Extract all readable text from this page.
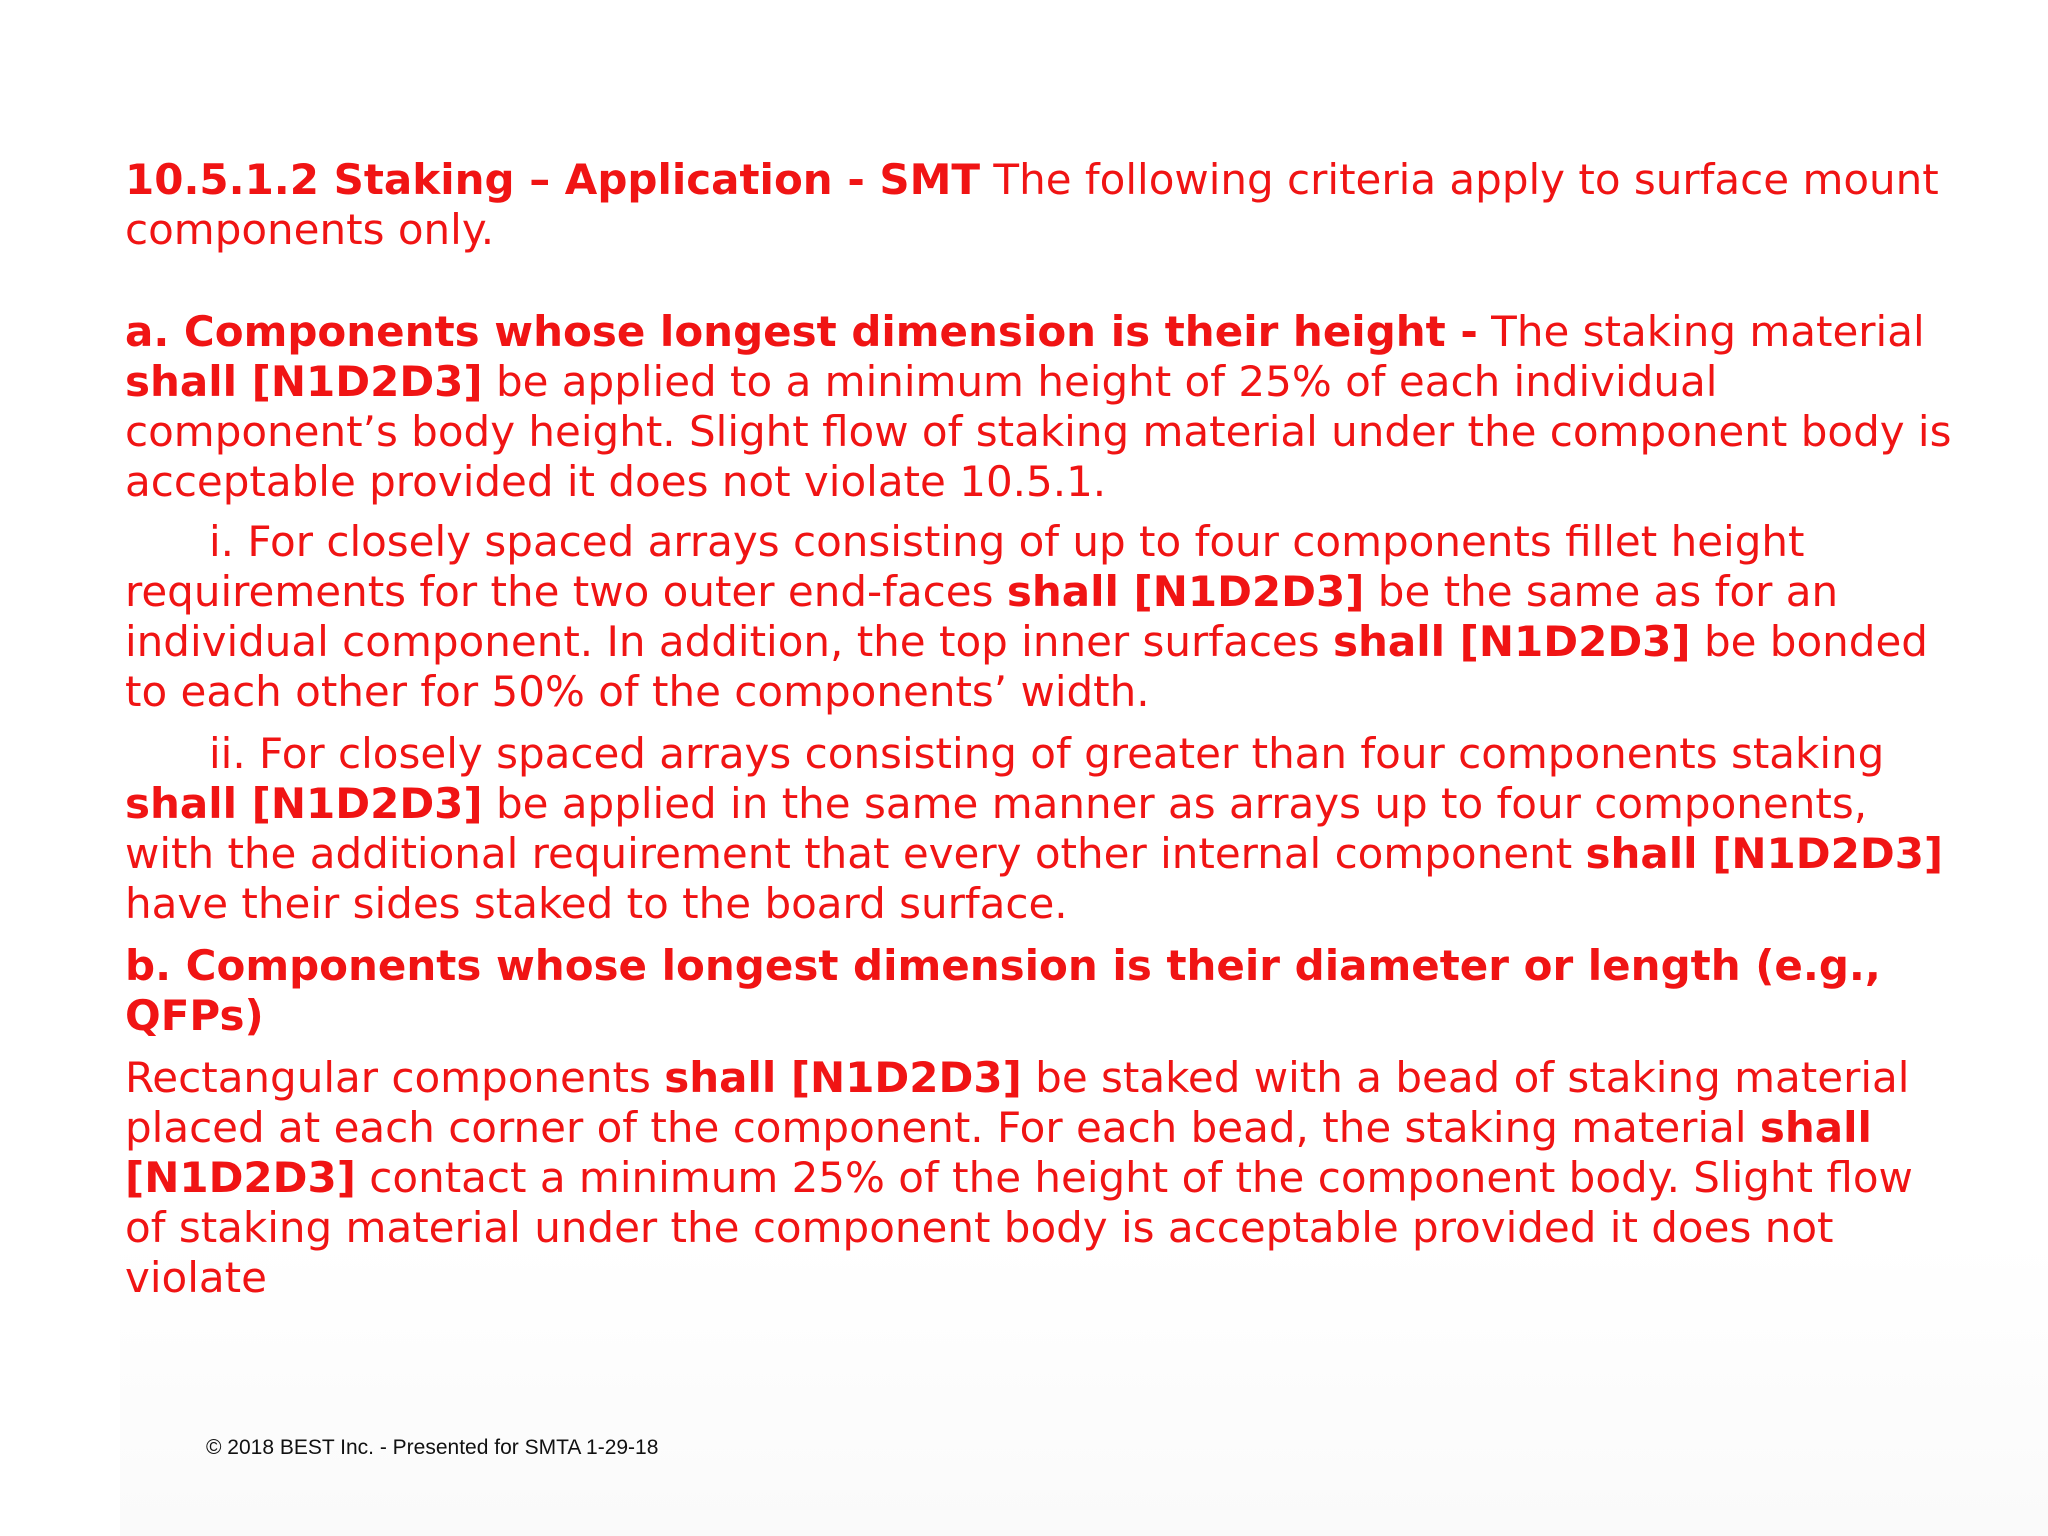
10.5.1.2 Staking – Application - SMT The following criteria apply to surface mount components only.

a. Components whose longest dimension is their height - The staking material shall [N1D2D3] be applied to a minimum height of 25% of each individual component’s body height. Slight flow of staking material under the component body is acceptable provided it does not violate 10.5.1.

i. For closely spaced arrays consisting of up to four components fillet height requirements for the two outer end-faces shall [N1D2D3] be the same as for an individual component. In addition, the top inner surfaces shall [N1D2D3] be bonded to each other for 50% of the components’ width.

ii. For closely spaced arrays consisting of greater than four components staking shall [N1D2D3] be applied in the same manner as arrays up to four components, with the additional requirement that every other internal component shall [N1D2D3] have their sides staked to the board surface.

b. Components whose longest dimension is their diameter or length (e.g., QFPs)

Rectangular components shall [N1D2D3] be staked with a bead of staking material placed at each corner of the component. For each bead, the staking material shall [N1D2D3] contact a minimum 25% of the height of the component body. Slight flow of staking material under the component body is acceptable provided it does not violate

© 2018 BEST Inc. - Presented for SMTA 1-29-18
